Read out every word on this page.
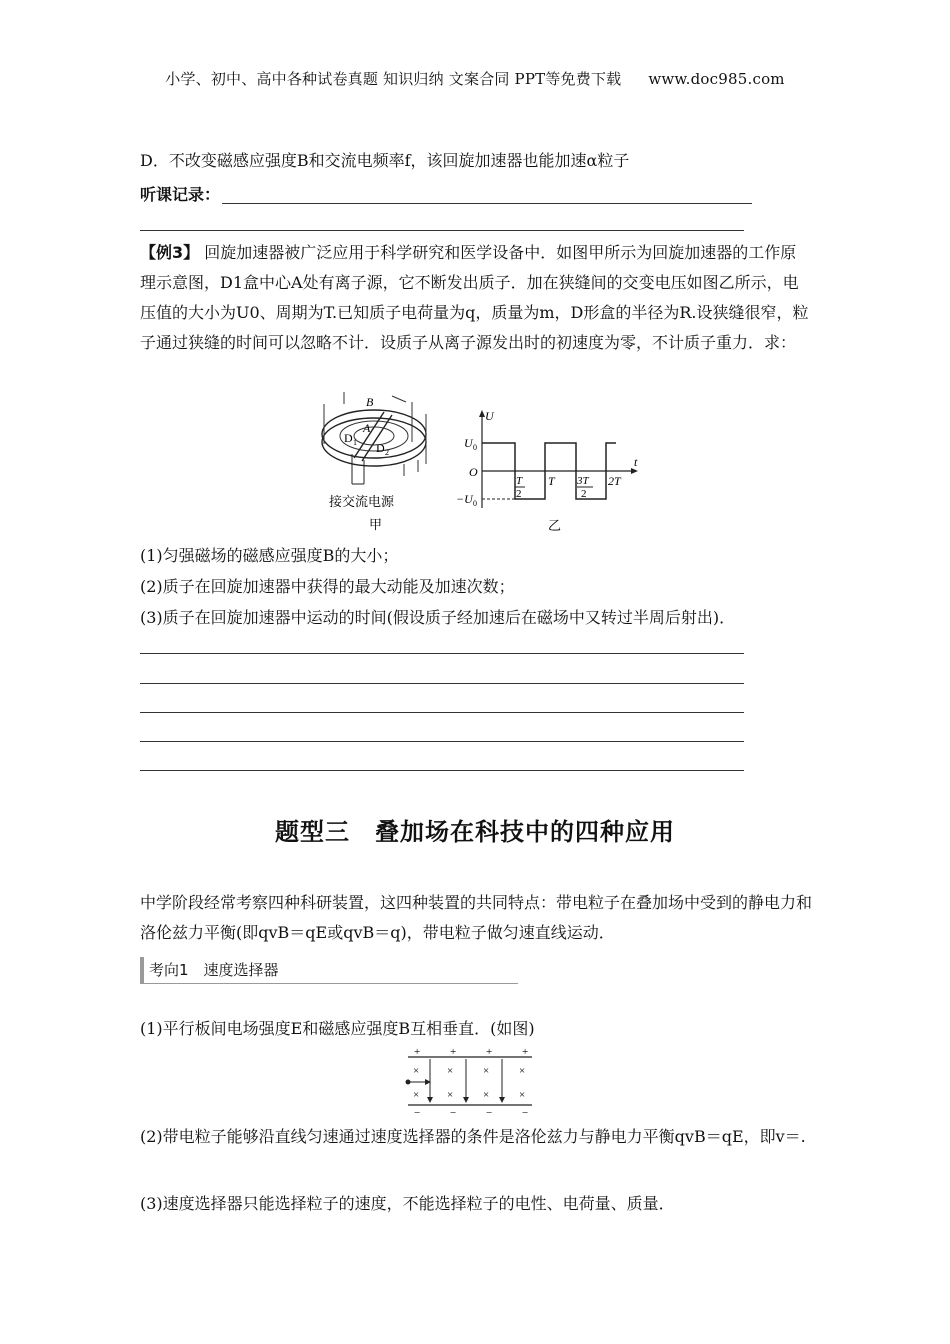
小学、初中、高中各种试卷真题 知识归纳 文案合同 PPT等免费下载 www.doc985.com
D．不改变磁感应强度B和交流电频率f，该回旋加速器也能加速α粒子
听课记录：
【例3】 回旋加速器被广泛应用于科学研究和医学设备中．如图甲所示为回旋加速器的工作原理示意图，D1盒中心A处有离子源，它不断发出质子．加在狭缝间的交变电压如图乙所示，电压值的大小为U0、周期为T.已知质子电荷量为q，质量为m，D形盒的半径为R.设狭缝很窄，粒子通过狭缝的时间可以忽略不计．设质子从离子源发出时的初速度为零，不计质子重力．求：
B
A
D 1 D 2
接交流电源
甲
U
t
U 0
O
−U 0
T
2
T 3T
2
2T
乙
(1)匀强磁场的磁感应强度B的大小；
(2)质子在回旋加速器中获得的最大动能及加速次数；
(3)质子在回旋加速器中运动的时间(假设质子经加速后在磁场中又转过半周后射出)．
题型三　叠加场在科技中的四种应用
中学阶段经常考察四种科研装置，这四种装置的共同特点：带电粒子在叠加场中受到的静电力和洛伦兹力平衡(即qvB＝qE或qvB＝q)，带电粒子做匀速直线运动．
考向1　速度选择器
(1)平行板间电场强度E和磁感应强度B互相垂直．(如图)
+	+	+	+
−	−	−	−
×	×	×	×
×	×	×	×
(2)带电粒子能够沿直线匀速通过速度选择器的条件是洛伦兹力与静电力平衡qvB＝qE，即v＝.
(3)速度选择器只能选择粒子的速度，不能选择粒子的电性、电荷量、质量．
